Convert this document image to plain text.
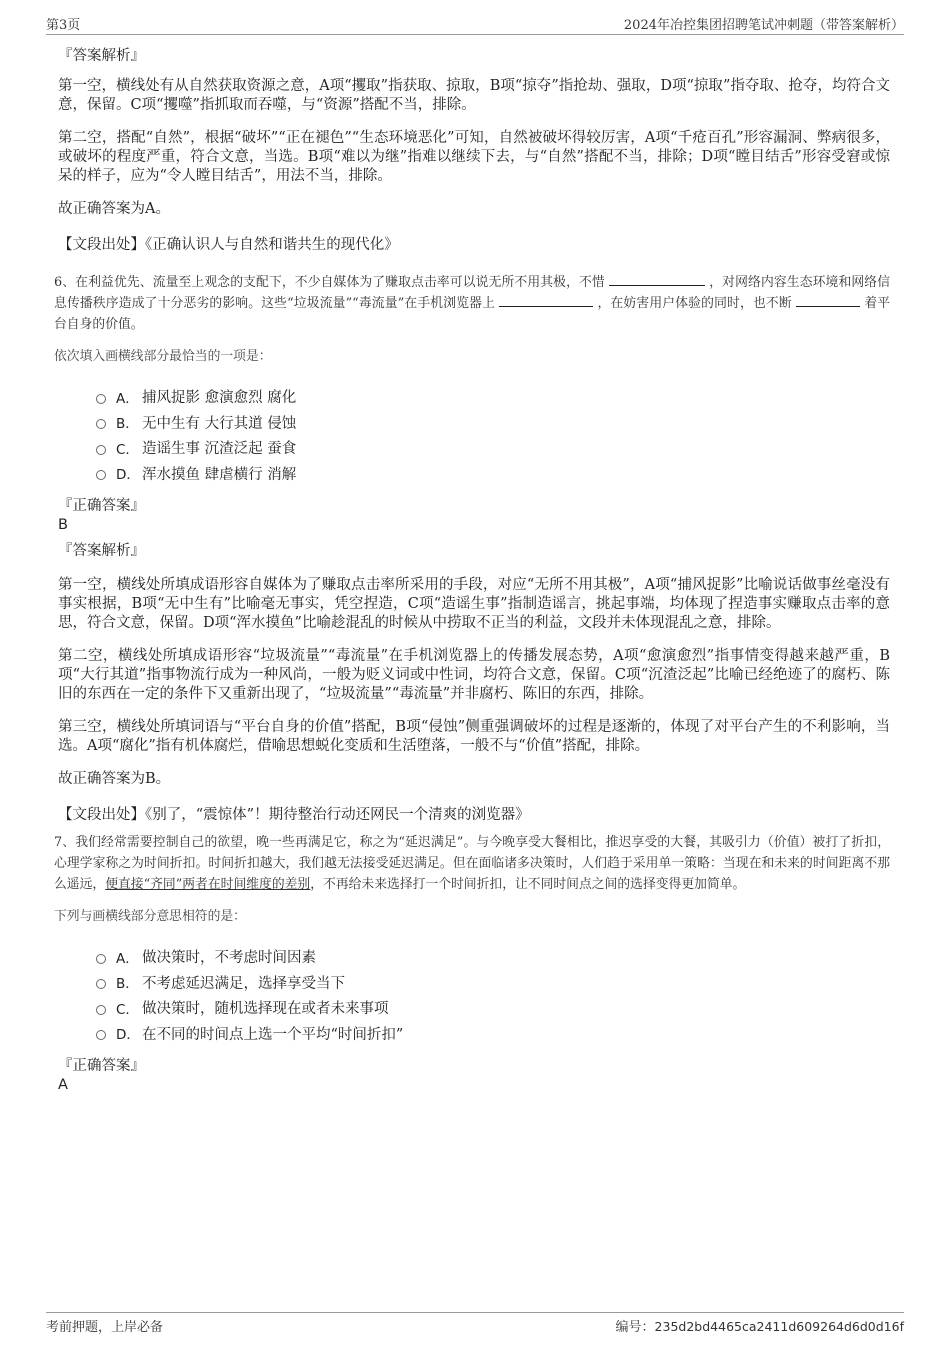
第3页	2024年冶控集团招聘笔试冲刺题（带答案解析）

『答案解析』

第一空，横线处有从自然获取资源之意，A项“攫取”指获取、掠取，B项“掠夺”指抢劫、强取，D项“掠取”指夺取、抢夺，均符合文意，保留。C项“攫噬”指抓取而吞噬，与“资源”搭配不当，排除。

第二空，搭配“自然”，根据“破坏”“正在褪色”“生态环境恶化”可知，自然被破坏得较厉害，A项“千疮百孔”形容漏洞、弊病很多，或破坏的程度严重，符合文意，当选。B项“难以为继”指难以继续下去，与“自然”搭配不当，排除；D项“瞠目结舌”形容受窘或惊呆的样子，应为“令人瞠目结舌”，用法不当，排除。

故正确答案为A。

【文段出处】《正确认识人与自然和谐共生的现代化》

6、在利益优先、流量至上观念的支配下，不少自媒体为了赚取点击率可以说无所不用其极，不惜	，对网络内容生态环境和网络信息传播秩序造成了十分恶劣的影响。这些“垃圾流量”“毒流量”在手机浏览器上	，在妨害用户体验的同时，也不断	着平台自身的价值。

依次填入画横线部分最恰当的一项是：

A． 捕风捉影 愈演愈烈 腐化
B． 无中生有 大行其道 侵蚀
C． 造谣生事 沉渣泛起 蚕食
D． 浑水摸鱼 肆虐横行 消解

『正确答案』

B

『答案解析』

第一空，横线处所填成语形容自媒体为了赚取点击率所采用的手段，对应“无所不用其极”，A项“捕风捉影”比喻说话做事丝毫没有事实根据，B项“无中生有”比喻毫无事实，凭空捏造，C项“造谣生事”指制造谣言，挑起事端，均体现了捏造事实赚取点击率的意思，符合文意，保留。D项“浑水摸鱼”比喻趁混乱的时候从中捞取不正当的利益，文段并未体现混乱之意，排除。

第二空，横线处所填成语形容“垃圾流量”“毒流量”在手机浏览器上的传播发展态势，A项“愈演愈烈”指事情变得越来越严重，B项“大行其道”指事物流行成为一种风尚，一般为贬义词或中性词，均符合文意，保留。C项“沉渣泛起”比喻已经绝迹了的腐朽、陈旧的东西在一定的条件下又重新出现了，“垃圾流量”“毒流量”并非腐朽、陈旧的东西，排除。

第三空，横线处所填词语与“平台自身的价值”搭配，B项“侵蚀”侧重强调破坏的过程是逐渐的，体现了对平台产生的不利影响，当选。A项“腐化”指有机体腐烂，借喻思想蜕化变质和生活堕落，一般不与“价值”搭配，排除。

故正确答案为B。

【文段出处】《别了，“震惊体”！期待整治行动还网民一个清爽的浏览器》

7、我们经常需要控制自己的欲望，晚一些再满足它，称之为“延迟满足”。与今晚享受大餐相比，推迟享受的大餐，其吸引力（价值）被打了折扣，心理学家称之为时间折扣。时间折扣越大，我们越无法接受延迟满足。但在面临诸多决策时，人们趋于采用单一策略：当现在和未来的时间距离不那么遥远，便直接“齐同”两者在时间维度的差别，不再给未来选择打一个时间折扣，让不同时间点之间的选择变得更加简单。

下列与画横线部分意思相符的是：

A． 做决策时，不考虑时间因素
B． 不考虑延迟满足，选择享受当下
C． 做决策时，随机选择现在或者未来事项
D． 在不同的时间点上选一个平均“时间折扣”

『正确答案』

A

考前押题，上岸必备	编号：235d2bd4465ca2411d609264d6d0d16f
